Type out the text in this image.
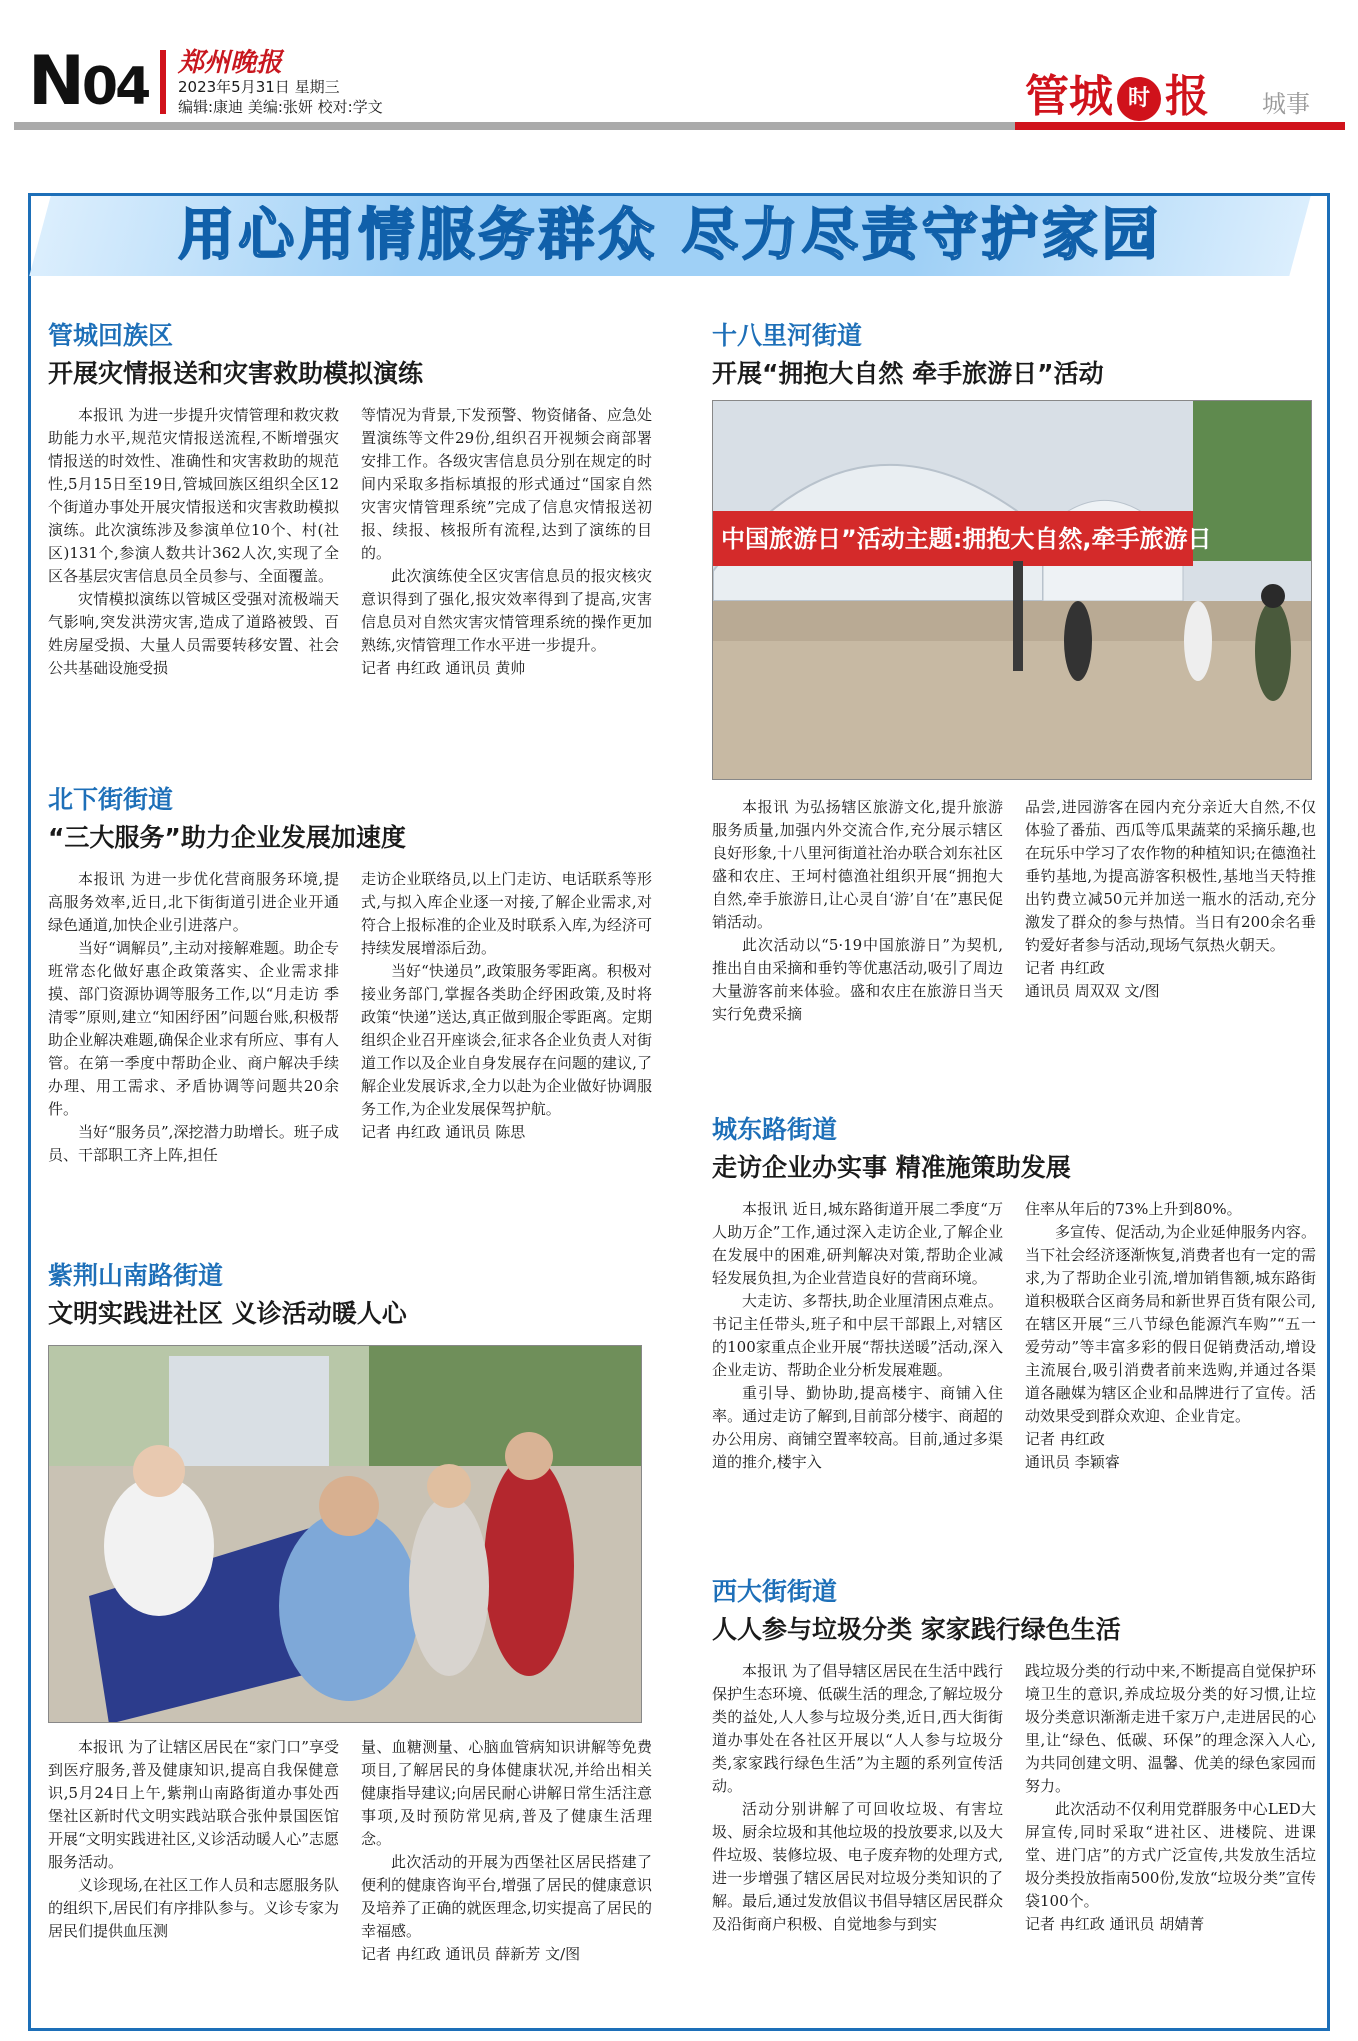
N04 郑州晚报
2023年5月31日 星期三
编辑:康迪 美编:张妍 校对:学文	管城 时 报 城事
用心用情服务群众 尽力尽责守护家园
管城回族区
开展灾情报送和灾害救助模拟演练

本报讯 为进一步提升灾情管理和救灾救助能力水平,规范灾情报送流程,不断增强灾情报送的时效性、准确性和灾害救助的规范性,5月15日至19日,管城回族区组织全区12个街道办事处开展灾情报送和灾害救助模拟演练。此次演练涉及参演单位10个、村(社区)131个,参演人数共计362人次,实现了全区各基层灾害信息员全员参与、全面覆盖。

灾情模拟演练以管城区受强对流极端天气影响,突发洪涝灾害,造成了道路被毁、百姓房屋受损、大量人员需要转移安置、社会公共基础设施受损

等情况为背景,下发预警、物资储备、应急处置演练等文件29份,组织召开视频会商部署安排工作。各级灾害信息员分别在规定的时间内采取多指标填报的形式通过“国家自然灾害灾情管理系统”完成了信息灾情报送初报、续报、核报所有流程,达到了演练的目的。

此次演练使全区灾害信息员的报灾核灾意识得到了强化,报灾效率得到了提高,灾害信息员对自然灾害灾情管理系统的操作更加熟练,灾情管理工作水平进一步提升。

记者 冉红政 通讯员 黄帅

北下街街道
“三大服务”助力企业发展加速度

本报讯 为进一步优化营商服务环境,提高服务效率,近日,北下街街道引进企业开通绿色通道,加快企业引进落户。

当好“调解员”,主动对接解难题。助企专班常态化做好惠企政策落实、企业需求排摸、部门资源协调等服务工作,以“月走访 季清零”原则,建立“知困纾困”问题台账,积极帮助企业解决难题,确保企业求有所应、事有人管。在第一季度中帮助企业、商户解决手续办理、用工需求、矛盾协调等问题共20余件。

当好“服务员”,深挖潜力助增长。班子成员、干部职工齐上阵,担任

走访企业联络员,以上门走访、电话联系等形式,与拟入库企业逐一对接,了解企业需求,对符合上报标准的企业及时联系入库,为经济可持续发展增添后劲。

当好“快递员”,政策服务零距离。积极对接业务部门,掌握各类助企纾困政策,及时将政策“快递”送达,真正做到服企零距离。定期组织企业召开座谈会,征求各企业负责人对街道工作以及企业自身发展存在问题的建议,了解企业发展诉求,全力以赴为企业做好协调服务工作,为企业发展保驾护航。

记者 冉红政 通讯员 陈思

紫荆山南路街道
文明实践进社区 义诊活动暖人心

本报讯 为了让辖区居民在“家门口”享受到医疗服务,普及健康知识,提高自我保健意识,5月24日上午,紫荆山南路街道办事处西堡社区新时代文明实践站联合张仲景国医馆开展“文明实践进社区,义诊活动暖人心”志愿服务活动。

义诊现场,在社区工作人员和志愿服务队的组织下,居民们有序排队参与。义诊专家为居民们提供血压测

量、血糖测量、心脑血管病知识讲解等免费项目,了解居民的身体健康状况,并给出相关健康指导建议;向居民耐心讲解日常生活注意事项,及时预防常见病,普及了健康生活理念。

此次活动的开展为西堡社区居民搭建了便利的健康咨询平台,增强了居民的健康意识及培养了正确的就医理念,切实提高了居民的幸福感。

记者 冉红政 通讯员 薛新芳 文/图

十八里河街道
开展“拥抱大自然 牵手旅游日”活动
中国旅游日”活动主题:拥抱大自然,牵手旅游日

本报讯 为弘扬辖区旅游文化,提升旅游服务质量,加强内外交流合作,充分展示辖区良好形象,十八里河街道社治办联合刘东社区盛和农庄、王坷村德渔社组织开展“拥抱大自然,牵手旅游日,让心灵自‘游’自‘在”惠民促销活动。

此次活动以“5·19中国旅游日”为契机,推出自由采摘和垂钓等优惠活动,吸引了周边大量游客前来体验。盛和农庄在旅游日当天实行免费采摘

品尝,进园游客在园内充分亲近大自然,不仅体验了番茄、西瓜等瓜果蔬菜的采摘乐趣,也在玩乐中学习了农作物的种植知识;在德渔社垂钓基地,为提高游客积极性,基地当天特推出钓费立减50元并加送一瓶水的活动,充分激发了群众的参与热情。当日有200余名垂钓爱好者参与活动,现场气氛热火朝天。

记者 冉红政

通讯员 周双双 文/图

城东路街道
走访企业办实事 精准施策助发展

本报讯 近日,城东路街道开展二季度“万人助万企”工作,通过深入走访企业,了解企业在发展中的困难,研判解决对策,帮助企业减轻发展负担,为企业营造良好的营商环境。

大走访、多帮扶,助企业厘清困点难点。书记主任带头,班子和中层干部跟上,对辖区的100家重点企业开展“帮扶送暖”活动,深入企业走访、帮助企业分析发展难题。

重引导、勤协助,提高楼宇、商铺入住率。通过走访了解到,目前部分楼宇、商超的办公用房、商铺空置率较高。目前,通过多渠道的推介,楼宇入

住率从年后的73%上升到80%。

多宣传、促活动,为企业延伸服务内容。当下社会经济逐渐恢复,消费者也有一定的需求,为了帮助企业引流,增加销售额,城东路街道积极联合区商务局和新世界百货有限公司,在辖区开展“三八节绿色能源汽车购”“五一爱劳动”等丰富多彩的假日促销费活动,增设主流展台,吸引消费者前来选购,并通过各渠道各融媒为辖区企业和品牌进行了宣传。活动效果受到群众欢迎、企业肯定。

记者 冉红政

通讯员 李颖睿

西大街街道
人人参与垃圾分类 家家践行绿色生活

本报讯 为了倡导辖区居民在生活中践行保护生态环境、低碳生活的理念,了解垃圾分类的益处,人人参与垃圾分类,近日,西大街街道办事处在各社区开展以“人人参与垃圾分类,家家践行绿色生活”为主题的系列宣传活动。

活动分别讲解了可回收垃圾、有害垃圾、厨余垃圾和其他垃圾的投放要求,以及大件垃圾、装修垃圾、电子废弃物的处理方式,进一步增强了辖区居民对垃圾分类知识的了解。最后,通过发放倡议书倡导辖区居民群众及沿街商户积极、自觉地参与到实

践垃圾分类的行动中来,不断提高自觉保护环境卫生的意识,养成垃圾分类的好习惯,让垃圾分类意识渐渐走进千家万户,走进居民的心里,让“绿色、低碳、环保”的理念深入人心,为共同创建文明、温馨、优美的绿色家园而努力。

此次活动不仅利用党群服务中心LED大屏宣传,同时采取“进社区、进楼院、进课堂、进门店”的方式广泛宣传,共发放生活垃圾分类投放指南500份,发放“垃圾分类”宣传袋100个。

记者 冉红政 通讯员 胡婧菁
